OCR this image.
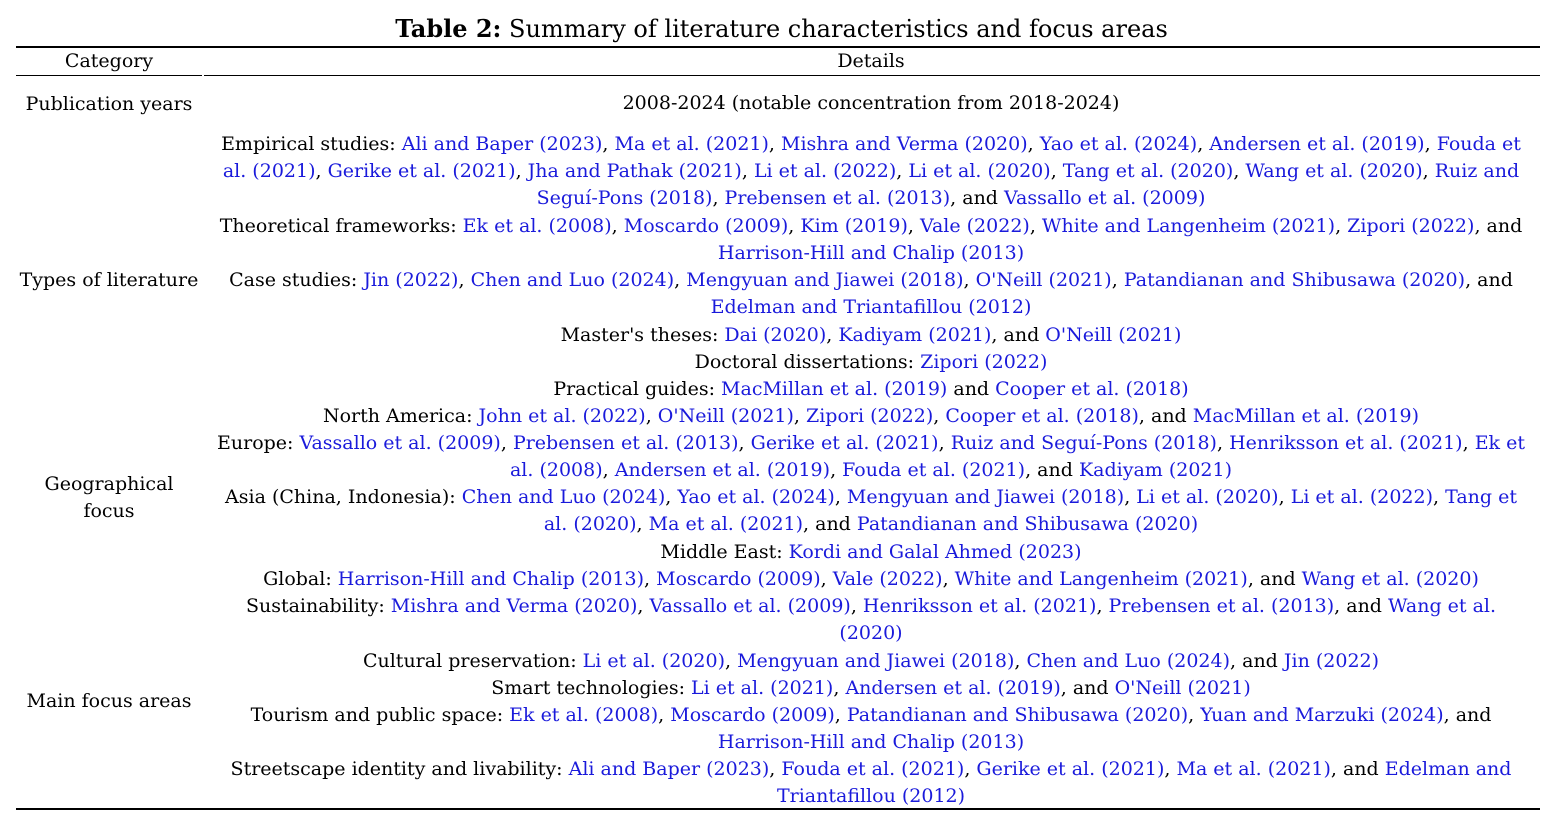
Table 2: Summary of literature characteristics and focus areas
Category	Details
Publication years	2008-2024 (notable concentration from 2018-2024)
Types of literature
Empirical studies: Ali and Baper (2023), Ma et al. (2021), Mishra and Verma (2020), Yao et al. (2024), Andersen et al. (2019), Fouda et al. (2021), Gerike et al. (2021), Jha and Pathak (2021), Li et al. (2022), Li et al. (2020), Tang et al. (2020), Wang et al. (2020), Ruiz and Seguí-Pons (2018), Prebensen et al. (2013), and Vassallo et al. (2009)
Theoretical frameworks: Ek et al. (2008), Moscardo (2009), Kim (2019), Vale (2022), White and Langenheim (2021), Zipori (2022), and Harrison-Hill and Chalip (2013)
Case studies: Jin (2022), Chen and Luo (2024), Mengyuan and Jiawei (2018), O'Neill (2021), Patandianan and Shibusawa (2020), and Edelman and Triantafillou (2012)
Master's theses: Dai (2020), Kadiyam (2021), and O'Neill (2021)
Doctoral dissertations: Zipori (2022)
Practical guides: MacMillan et al. (2019) and Cooper et al. (2018)
Geographical focus
North America: John et al. (2022), O'Neill (2021), Zipori (2022), Cooper et al. (2018), and MacMillan et al. (2019)
Europe: Vassallo et al. (2009), Prebensen et al. (2013), Gerike et al. (2021), Ruiz and Seguí-Pons (2018), Henriksson et al. (2021), Ek et al. (2008), Andersen et al. (2019), Fouda et al. (2021), and Kadiyam (2021)
Asia (China, Indonesia): Chen and Luo (2024), Yao et al. (2024), Mengyuan and Jiawei (2018), Li et al. (2020), Li et al. (2022), Tang et al. (2020), Ma et al. (2021), and Patandianan and Shibusawa (2020)
Middle East: Kordi and Galal Ahmed (2023)
Global: Harrison-Hill and Chalip (2013), Moscardo (2009), Vale (2022), White and Langenheim (2021), and Wang et al. (2020)
Main focus areas
Sustainability: Mishra and Verma (2020), Vassallo et al. (2009), Henriksson et al. (2021), Prebensen et al. (2013), and Wang et al. (2020)
Cultural preservation: Li et al. (2020), Mengyuan and Jiawei (2018), Chen and Luo (2024), and Jin (2022)
Smart technologies: Li et al. (2021), Andersen et al. (2019), and O'Neill (2021)
Tourism and public space: Ek et al. (2008), Moscardo (2009), Patandianan and Shibusawa (2020), Yuan and Marzuki (2024), and Harrison-Hill and Chalip (2013)
Streetscape identity and livability: Ali and Baper (2023), Fouda et al. (2021), Gerike et al. (2021), Ma et al. (2021), and Edelman and Triantafillou (2012)
